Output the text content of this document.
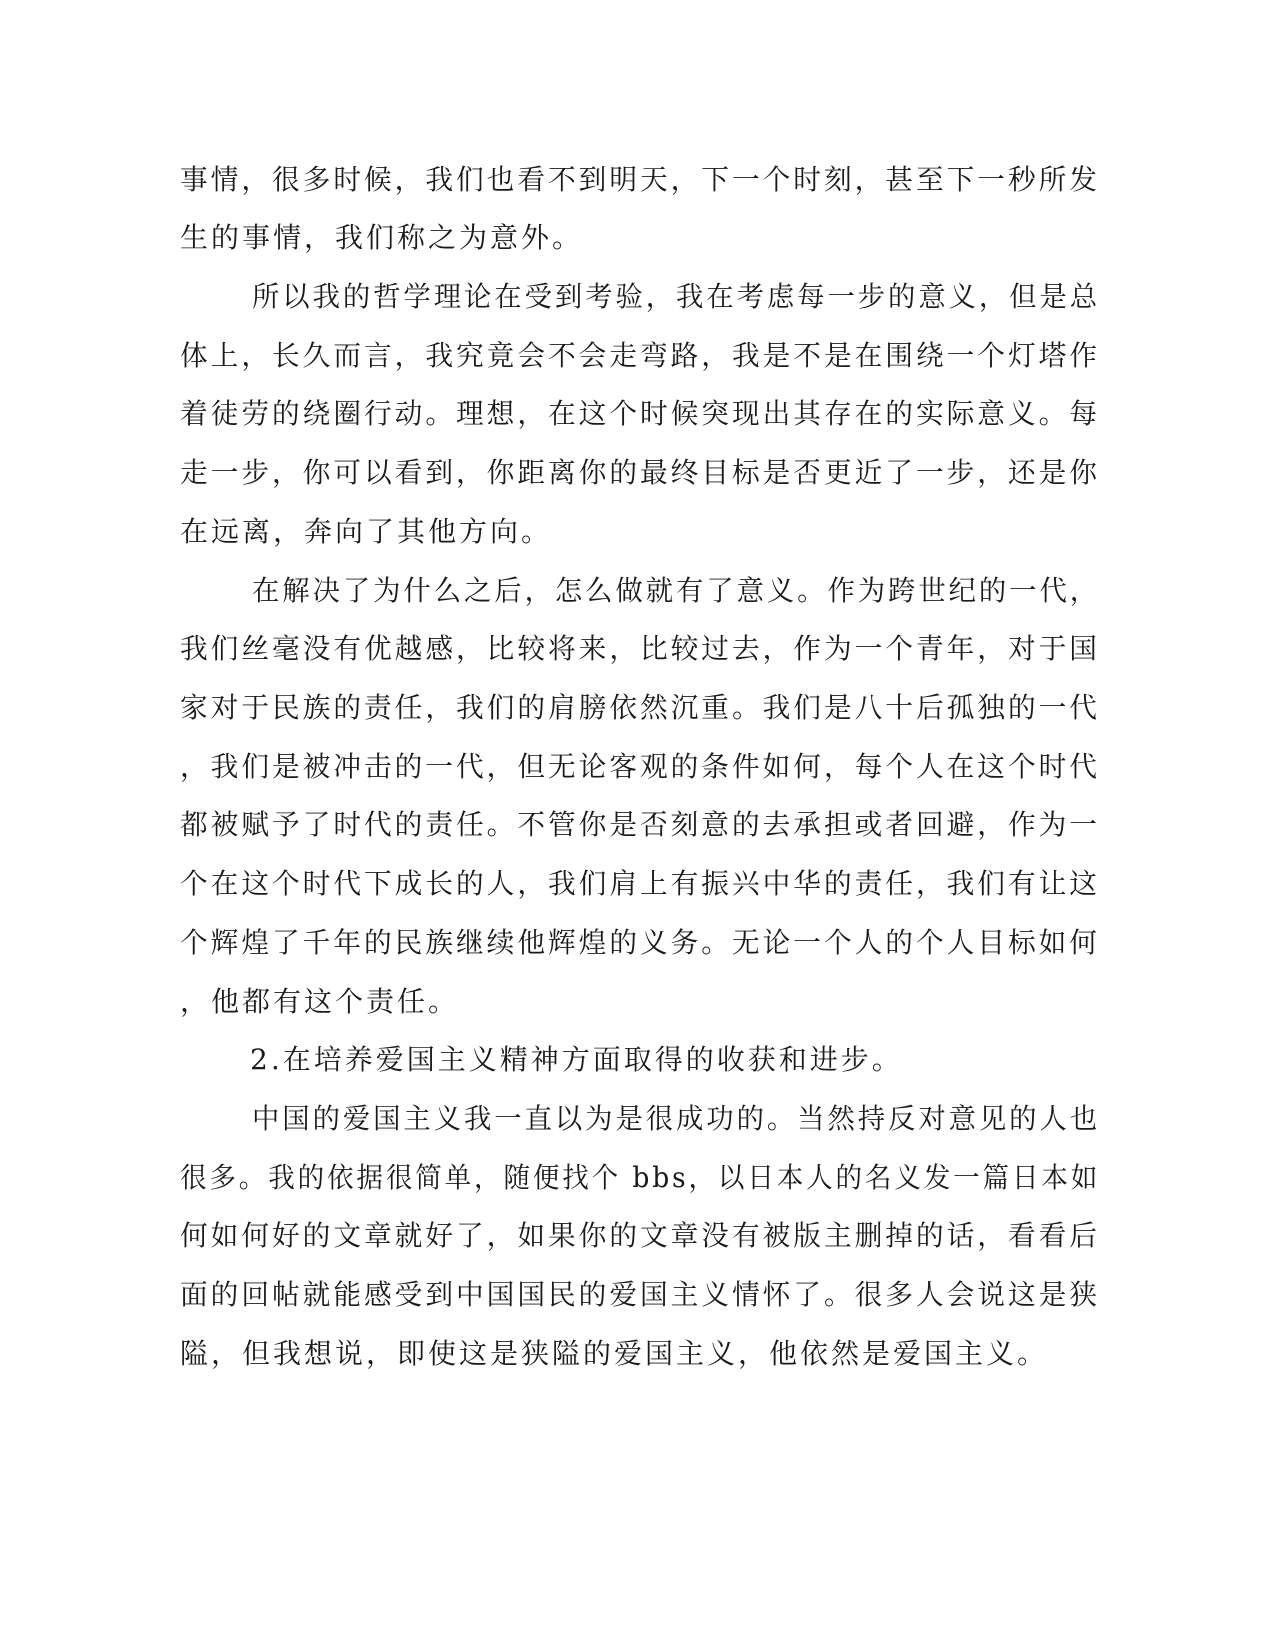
事情，很多时候，我们也看不到明天，下一个时刻，甚至下一秒所发
生的事情，我们称之为意外。
所以我的哲学理论在受到考验，我在考虑每一步的意义，但是总
体上，长久而言，我究竟会不会走弯路，我是不是在围绕一个灯塔作
着徒劳的绕圈行动。理想，在这个时候突现出其存在的实际意义。每
走一步，你可以看到，你距离你的最终目标是否更近了一步，还是你
在远离，奔向了其他方向。
在解决了为什么之后，怎么做就有了意义。作为跨世纪的一代，
我们丝毫没有优越感，比较将来，比较过去，作为一个青年，对于国
家对于民族的责任，我们的肩膀依然沉重。我们是八十后孤独的一代
，我们是被冲击的一代，但无论客观的条件如何，每个人在这个时代
都被赋予了时代的责任。不管你是否刻意的去承担或者回避，作为一
个在这个时代下成长的人，我们肩上有振兴中华的责任，我们有让这
个辉煌了千年的民族继续他辉煌的义务。无论一个人的个人目标如何
，他都有这个责任。
2.在培养爱国主义精神方面取得的收获和进步。
中国的爱国主义我一直以为是很成功的。当然持反对意见的人也
很多。我的依据很简单，随便找个 bbs，以日本人的名义发一篇日本如
何如何好的文章就好了，如果你的文章没有被版主删掉的话，看看后
面的回帖就能感受到中国国民的爱国主义情怀了。很多人会说这是狭
隘，但我想说，即使这是狭隘的爱国主义，他依然是爱国主义。
